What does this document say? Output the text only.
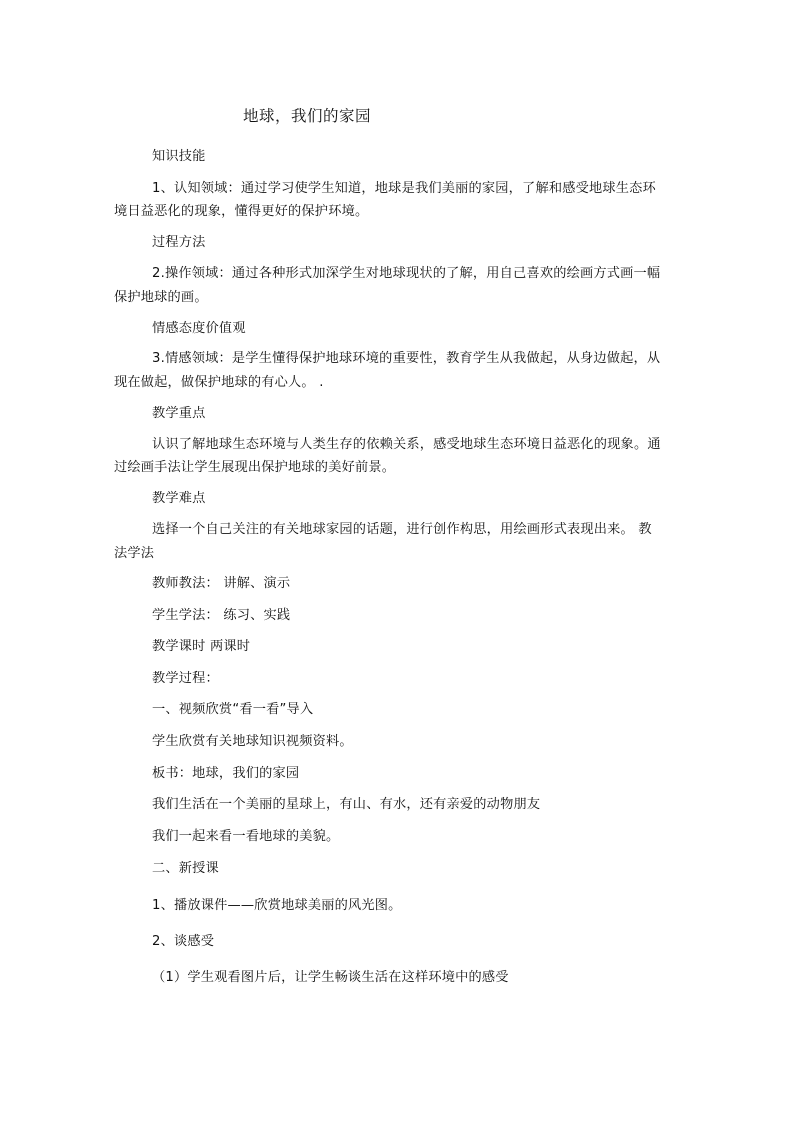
地球，我们的家园
知识技能
1、认知领域：通过学习使学生知道，地球是我们美丽的家园，了解和感受地球生态环
境日益恶化的现象，懂得更好的保护环境。
过程方法
2.操作领域：通过各种形式加深学生对地球现状的了解，用自己喜欢的绘画方式画一幅
保护地球的画。
情感态度价值观
3.情感领域：是学生懂得保护地球环境的重要性，教育学生从我做起，从身边做起，从
现在做起，做保护地球的有心人。 .
教学重点
认识了解地球生态环境与人类生存的依赖关系，感受地球生态环境日益恶化的现象。通
过绘画手法让学生展现出保护地球的美好前景。
教学难点
选择一个自己关注的有关地球家园的话题，进行创作构思，用绘画形式表现出来。 教
法学法
教师教法： 讲解、演示
学生学法： 练习、实践
教学课时 两课时
教学过程：
一、视频欣赏“看一看”导入
学生欣赏有关地球知识视频资料。
板书：地球，我们的家园
我们生活在一个美丽的星球上，有山、有水，还有亲爱的动物朋友
我们一起来看一看地球的美貌。
二、新授课
1、播放课件——欣赏地球美丽的风光图。
2、谈感受
（1）学生观看图片后，让学生畅谈生活在这样环境中的感受
